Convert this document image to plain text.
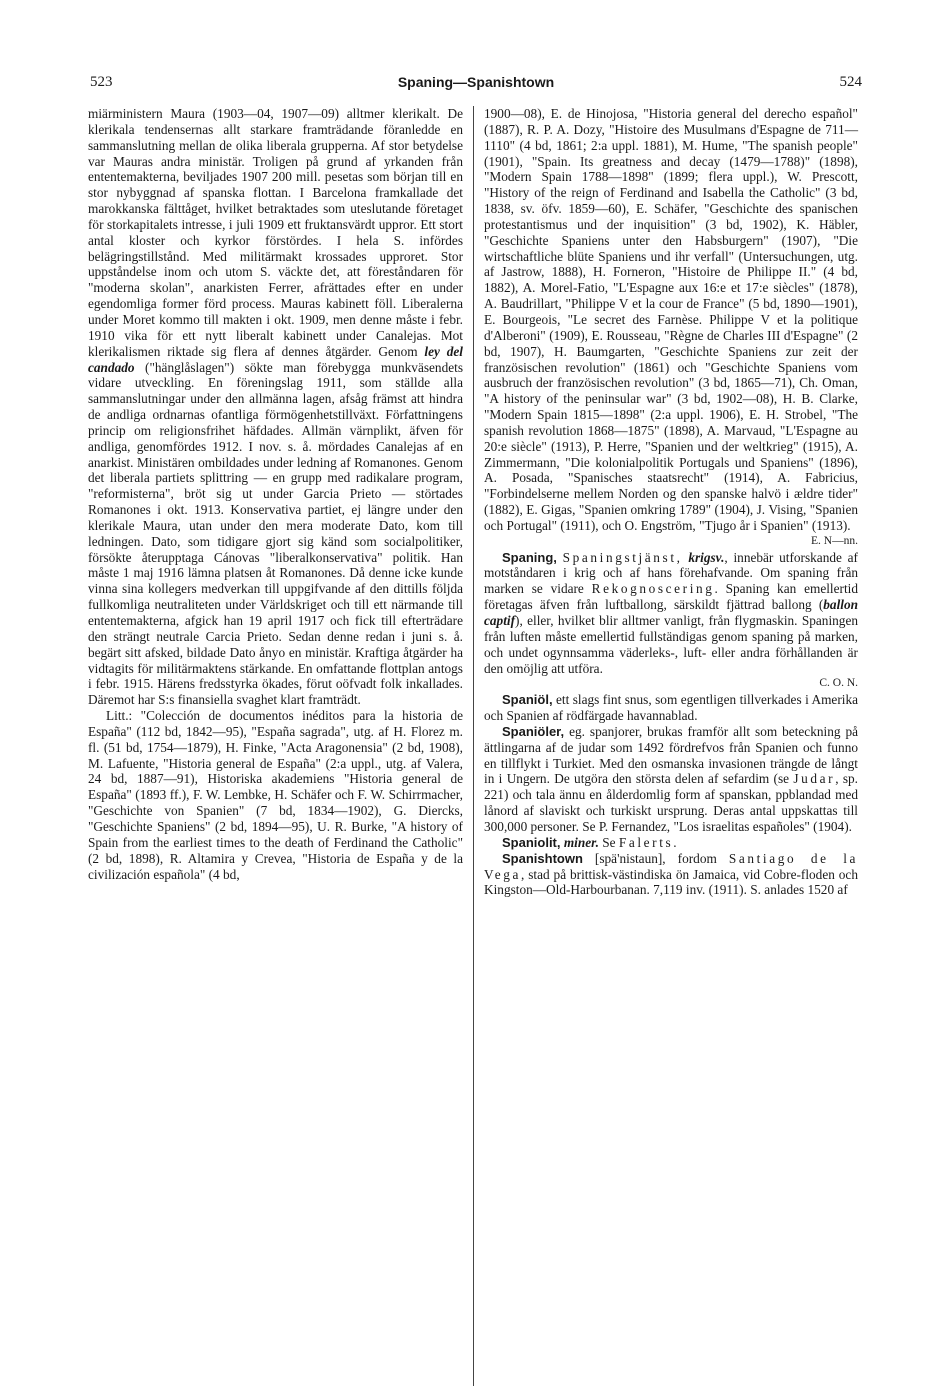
523	Spaning—Spanishtown	524

miärministern Maura (1903—04, 1907—09) alltmer klerikalt. De klerikala tendensernas allt starkare framträdande föranledde en sammanslutning mellan de olika liberala grupperna. Af stor betydelse var Mauras andra ministär. Troligen på grund af yrkanden från ententemakterna, beviljades 1907 200 mill. pesetas som början till en stor nybyggnad af spanska flottan. I Barcelona framkallade det marokkanska fälttåget, hvilket betraktades som uteslutande företaget för storkapitalets intresse, i juli 1909 ett fruktansvärdt uppror. Ett stort antal kloster och kyrkor förstördes. I hela S. infördes belägringstillstånd. Med militärmakt krossades upproret. Stor uppståndelse inom och utom S. väckte det, att föreståndaren för "moderna skolan", anarkisten Ferrer, afrättades efter en under egendomliga former förd process. Mauras kabinett föll. Liberalerna under Moret kommo till makten i okt. 1909, men denne måste i febr. 1910 vika för ett nytt liberalt kabinett under Canalejas. Mot klerikalismen riktade sig flera af dennes åtgärder. Genom ley del candado ("hänglåslagen") sökte man förebygga munkväsendets vidare utveckling. En föreningslag 1911, som ställde alla sammanslutningar under den allmänna lagen, afsåg främst att hindra de andliga ordnarnas ofantliga förmögenhetstillväxt. Författningens princip om religionsfrihet häfdades. Allmän värnplikt, äfven för andliga, genomfördes 1912. I nov. s. å. mördades Canalejas af en anarkist. Ministären ombildades under ledning af Romanones. Genom det liberala partiets splittring — en grupp med radikalare program, "reformisterna", bröt sig ut under Garcia Prieto — störtades Romanones i okt. 1913. Konservativa partiet, ej längre under den klerikale Maura, utan under den mera moderate Dato, kom till ledningen. Dato, som tidigare gjort sig känd som socialpolitiker, försökte återupptaga Cánovas "liberalkonservativa" politik. Han måste 1 maj 1916 lämna platsen åt Romanones. Då denne icke kunde vinna sina kollegers medverkan till uppgifvande af den dittills följda fullkomliga neutraliteten under Världskriget och till ett närmande till ententemakterna, afgick han 19 april 1917 och fick till efterträdare den strängt neutrale Carcia Prieto. Sedan denne redan i juni s. å. begärt sitt afsked, bildade Dato ånyo en ministär. Kraftiga åtgärder ha vidtagits för militärmaktens stärkande. En omfattande flottplan antogs i febr. 1915. Härens fredsstyrka ökades, förut oöfvadt folk inkallades. Däremot har S:s finansiella svaghet klart framträdt.

Litt.: "Colección de documentos inéditos para la historia de España" (112 bd, 1842—95), "España sagrada", utg. af H. Florez m. fl. (51 bd, 1754—1879), H. Finke, "Acta Aragonensia" (2 bd, 1908), M. Lafuente, "Historia general de España" (2:a uppl., utg. af Valera, 24 bd, 1887—91), Historiska akademiens "Historia general de España" (1893 ff.), F. W. Lembke, H. Schäfer och F. W. Schirrmacher, "Geschichte von Spanien" (7 bd, 1834—1902), G. Diercks, "Geschichte Spaniens" (2 bd, 1894—95), U. R. Burke, "A history of Spain from the earliest times to the death of Ferdinand the Catholic" (2 bd, 1898), R. Altamira y Crevea, "Historia de España y de la civilización española" (4 bd,

1900—08), E. de Hinojosa, "Historia general del derecho español" (1887), R. P. A. Dozy, "Histoire des Musulmans d'Espagne de 711—1110" (4 bd, 1861; 2:a uppl. 1881), M. Hume, "The spanish people" (1901), "Spain. Its greatness and decay (1479—1788)" (1898), "Modern Spain 1788—1898" (1899; flera uppl.), W. Prescott, "History of the reign of Ferdinand and Isabella the Catholic" (3 bd, 1838, sv. öfv. 1859—60), E. Schäfer, "Geschichte des spanischen protestantismus und der inquisition" (3 bd, 1902), K. Häbler, "Geschichte Spaniens unter den Habsburgern" (1907), "Die wirtschaftliche blüte Spaniens und ihr verfall" (Untersuchungen, utg. af Jastrow, 1888), H. Forneron, "Histoire de Philippe II." (4 bd, 1882), A. Morel-Fatio, "L'Espagne aux 16:e et 17:e siècles" (1878), A. Baudrillart, "Philippe V et la cour de France" (5 bd, 1890—1901), E. Bourgeois, "Le secret des Farnèse. Philippe V et la politique d'Alberoni" (1909), E. Rousseau, "Règne de Charles III d'Espagne" (2 bd, 1907), H. Baumgarten, "Geschichte Spaniens zur zeit der französischen revolution" (1861) och "Geschichte Spaniens vom ausbruch der französischen revolution" (3 bd, 1865—71), Ch. Oman, "A history of the peninsular war" (3 bd, 1902—08), H. B. Clarke, "Modern Spain 1815—1898" (2:a uppl. 1906), E. H. Strobel, "The spanish revolution 1868—1875" (1898), A. Marvaud, "L'Espagne au 20:e siècle" (1913), P. Herre, "Spanien und der weltkrieg" (1915), A. Zimmermann, "Die kolonialpolitik Portugals und Spaniens" (1896), A. Posada, "Spanisches staatsrecht" (1914), A. Fabricius, "Forbindelserne mellem Norden og den spanske halvö i ældre tider" (1882), E. Gigas, "Spanien omkring 1789" (1904), J. Vising, "Spanien och Portugal" (1911), och O. Engström, "Tjugo år i Spanien" (1913).
E. N—nn.

Spaning, Spaningstjänst, krigsv., innebär utforskande af motståndaren i krig och af hans förehafvande. Om spaning från marken se vidare Rekognoscering. Spaning kan emellertid företagas äfven från luftballong, särskildt fjättrad ballong (ballon captif), eller, hvilket blir alltmer vanligt, från flygmaskin. Spaningen från luften måste emellertid fullständigas genom spaning på marken, och undet ogynnsamma väderleks-, luft- eller andra förhållanden är den omöjlig att utföra.
C. O. N.

Spaniöl, ett slags fint snus, som egentligen tillverkades i Amerika och Spanien af rödfärgade havannablad.

Spaniöler, eg. spanjorer, brukas framför allt som beteckning på ättlingarna af de judar som 1492 fördrefvos från Spanien och funno en tillflykt i Turkiet. Med den osmanska invasionen trängde de långt in i Ungern. De utgöra den största delen af sefardim (se Judar, sp. 221) och tala ännu en ålderdomlig form af spanskan, ppblandad med lånord af slaviskt och turkiskt ursprung. Deras antal uppskattas till 300,000 personer. Se P. Fernandez, "Los israelitas españoles" (1904).

Spaniolit, miner. Se Falerts.

Spanishtown [spä'nistaun], fordom Santiago de la Vega, stad på brittisk-västindiska ön Jamaica, vid Cobre-floden och Kingston—Old-Harbourbanan. 7,119 inv. (1911). S. anlades 1520 af
